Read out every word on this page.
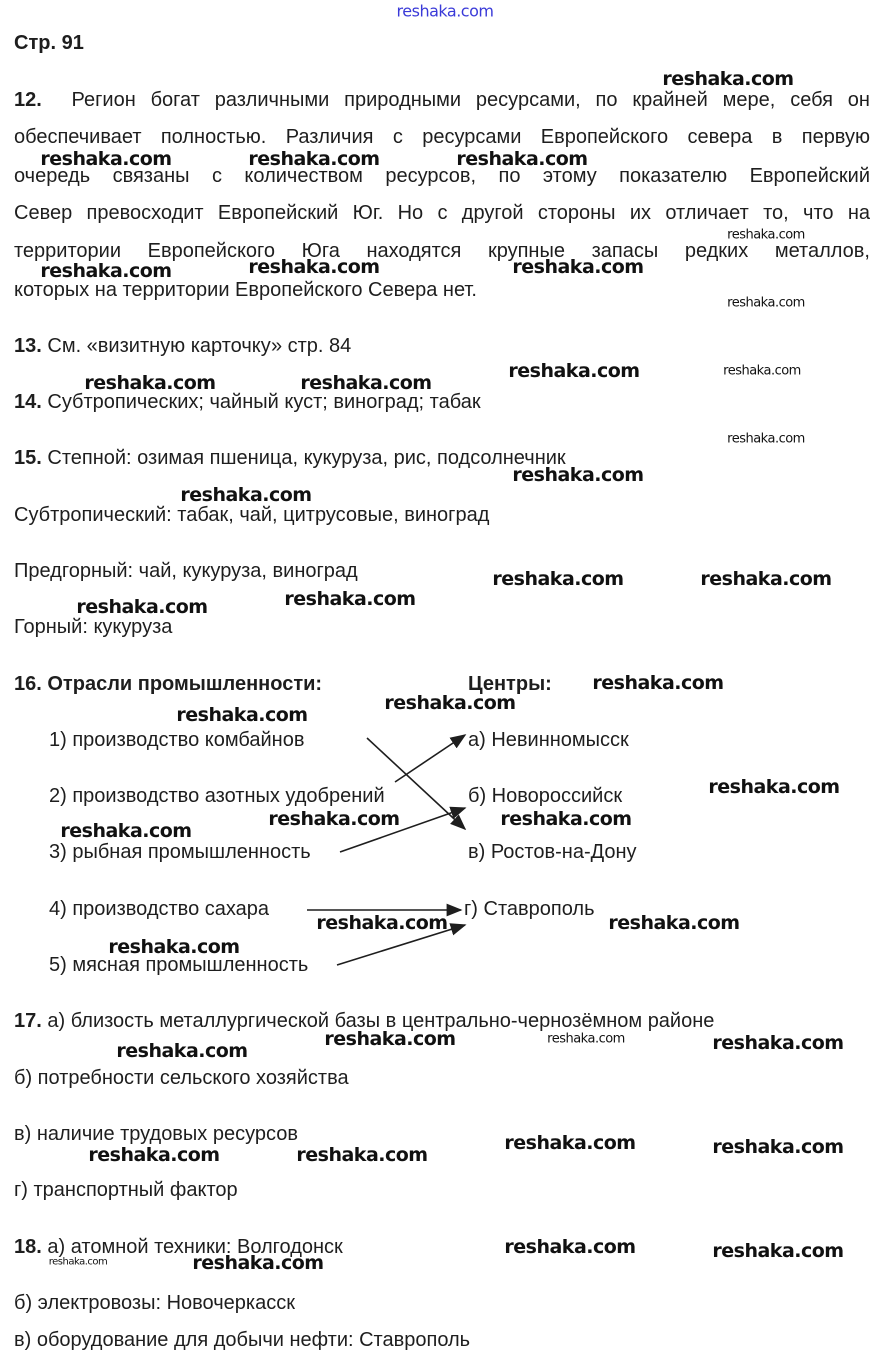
Стр. 91
12. Регион богат различными природными ресурсами, по крайней мере, себя он
обеспечивает полностью. Различия с ресурсами Европейского севера в первую
очередь связаны с количеством ресурсов, по этому показателю Европейский
Север превосходит Европейский Юг. Но с другой стороны их отличает то, что на
территории Европейского Юга находятся крупные запасы редких металлов,
которых на территории Европейского Севера нет.
13. См. «визитную карточку» стр. 84
14. Субтропических; чайный куст; виноград; табак
15. Степной: озимая пшеница, кукуруза, рис, подсолнечник
Субтропический: табак, чай, цитрусовые, виноград
Предгорный: чай, кукуруза, виноград
Горный: кукуруза
16. Отрасли промышленности:	Центры:
1) производство комбайнов
2) производство азотных удобрений
3) рыбная промышленность
4) производство сахара
5) мясная промышленность
а) Невинномысск
б) Новороссийск
в) Ростов-на-Дону
г) Ставрополь
17. а) близость металлургической базы в центрально-чернозёмном районе
б) потребности сельского хозяйства
в) наличие трудовых ресурсов
г) транспортный фактор
18. а) атомной техники: Волгодонск
б) электровозы: Новочеркасск
в) оборудование для добычи нефти: Ставрополь
reshaka.com
reshaka.com
reshaka.com	reshaka.com	reshaka.com
reshaka.com	reshaka.com	reshaka.com
reshaka.com
reshaka.com
reshaka.com
reshaka.com
reshaka.com	reshaka.com
reshaka.com
reshaka.com
reshaka.com
reshaka.com	reshaka.com
reshaka.com	reshaka.com
reshaka.com
reshaka.com
reshaka.com
reshaka.com
reshaka.com
reshaka.com	reshaka.com
reshaka.com	reshaka.com
reshaka.com
reshaka.com
reshaka.com	reshaka.com	reshaka.com
reshaka.com	reshaka.com
reshaka.com	reshaka.com
reshaka.com	reshaka.com
reshaka.com
reshaka.com
